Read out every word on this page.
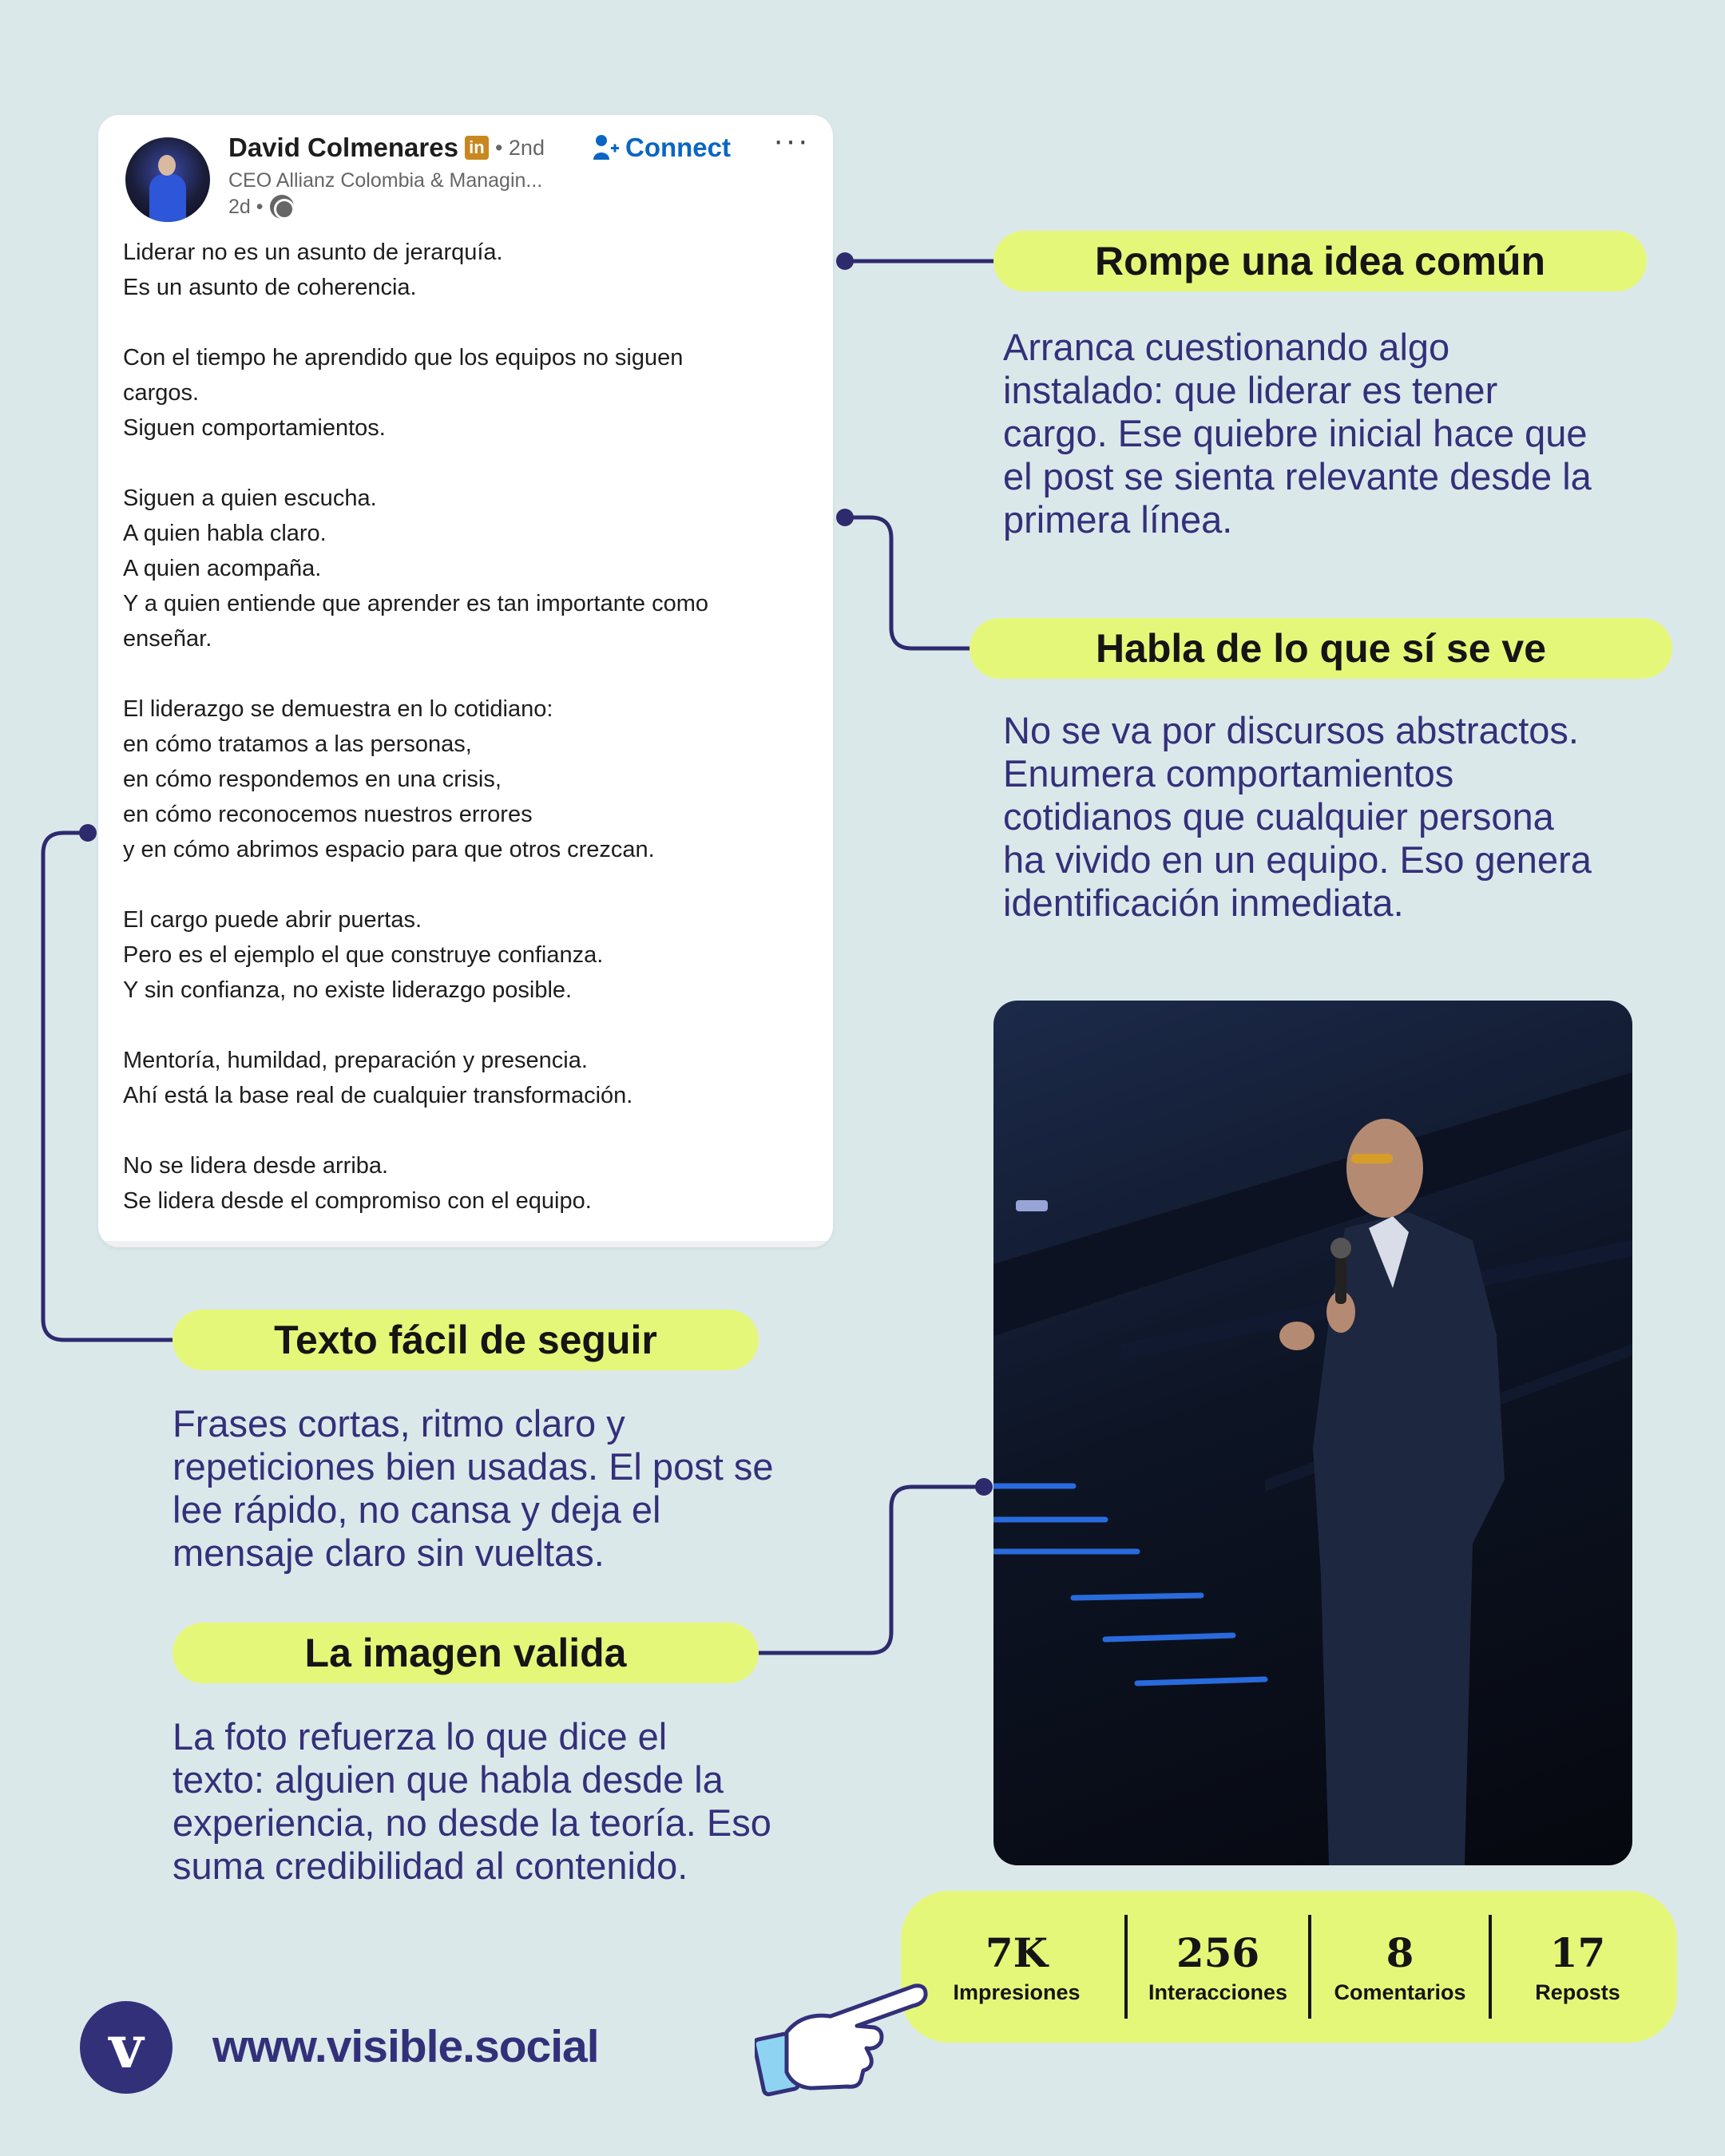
David Colmenares in • 2nd
CEO Allianz Colombia & Managin...
2d •
Connect ···

Liderar no es un asunto de jerarquía.
Es un asunto de coherencia.

Con el tiempo he aprendido que los equipos no siguen
cargos.
Siguen comportamientos.

Siguen a quien escucha.
A quien habla claro.
A quien acompaña.
Y a quien entiende que aprender es tan importante como
enseñar.

El liderazgo se demuestra en lo cotidiano:
en cómo tratamos a las personas,
en cómo respondemos en una crisis,
en cómo reconocemos nuestros errores
y en cómo abrimos espacio para que otros crezcan.

El cargo puede abrir puertas.
Pero es el ejemplo el que construye confianza.
Y sin confianza, no existe liderazgo posible.

Mentoría, humildad, preparación y presencia.
Ahí está la base real de cualquier transformación.

No se lidera desde arriba.
Se lidera desde el compromiso con el equipo.

Rompe una idea común
Arranca cuestionando algo
instalado: que liderar es tener
cargo. Ese quiebre inicial hace que
el post se sienta relevante desde la
primera línea.
Habla de lo que sí se ve
No se va por discursos abstractos.
Enumera comportamientos
cotidianos que cualquier persona
ha vivido en un equipo. Eso genera
identificación inmediata.
Texto fácil de seguir
Frases cortas, ritmo claro y
repeticiones bien usadas. El post se
lee rápido, no cansa y deja el
mensaje claro sin vueltas.
La imagen valida
La foto refuerza lo que dice el
texto: alguien que habla desde la
experiencia, no desde la teoría. Eso
suma credibilidad al contenido.
7K
Impresiones
256
Interacciones
8
Comentarios
17
Reposts
v	www.visible.social
